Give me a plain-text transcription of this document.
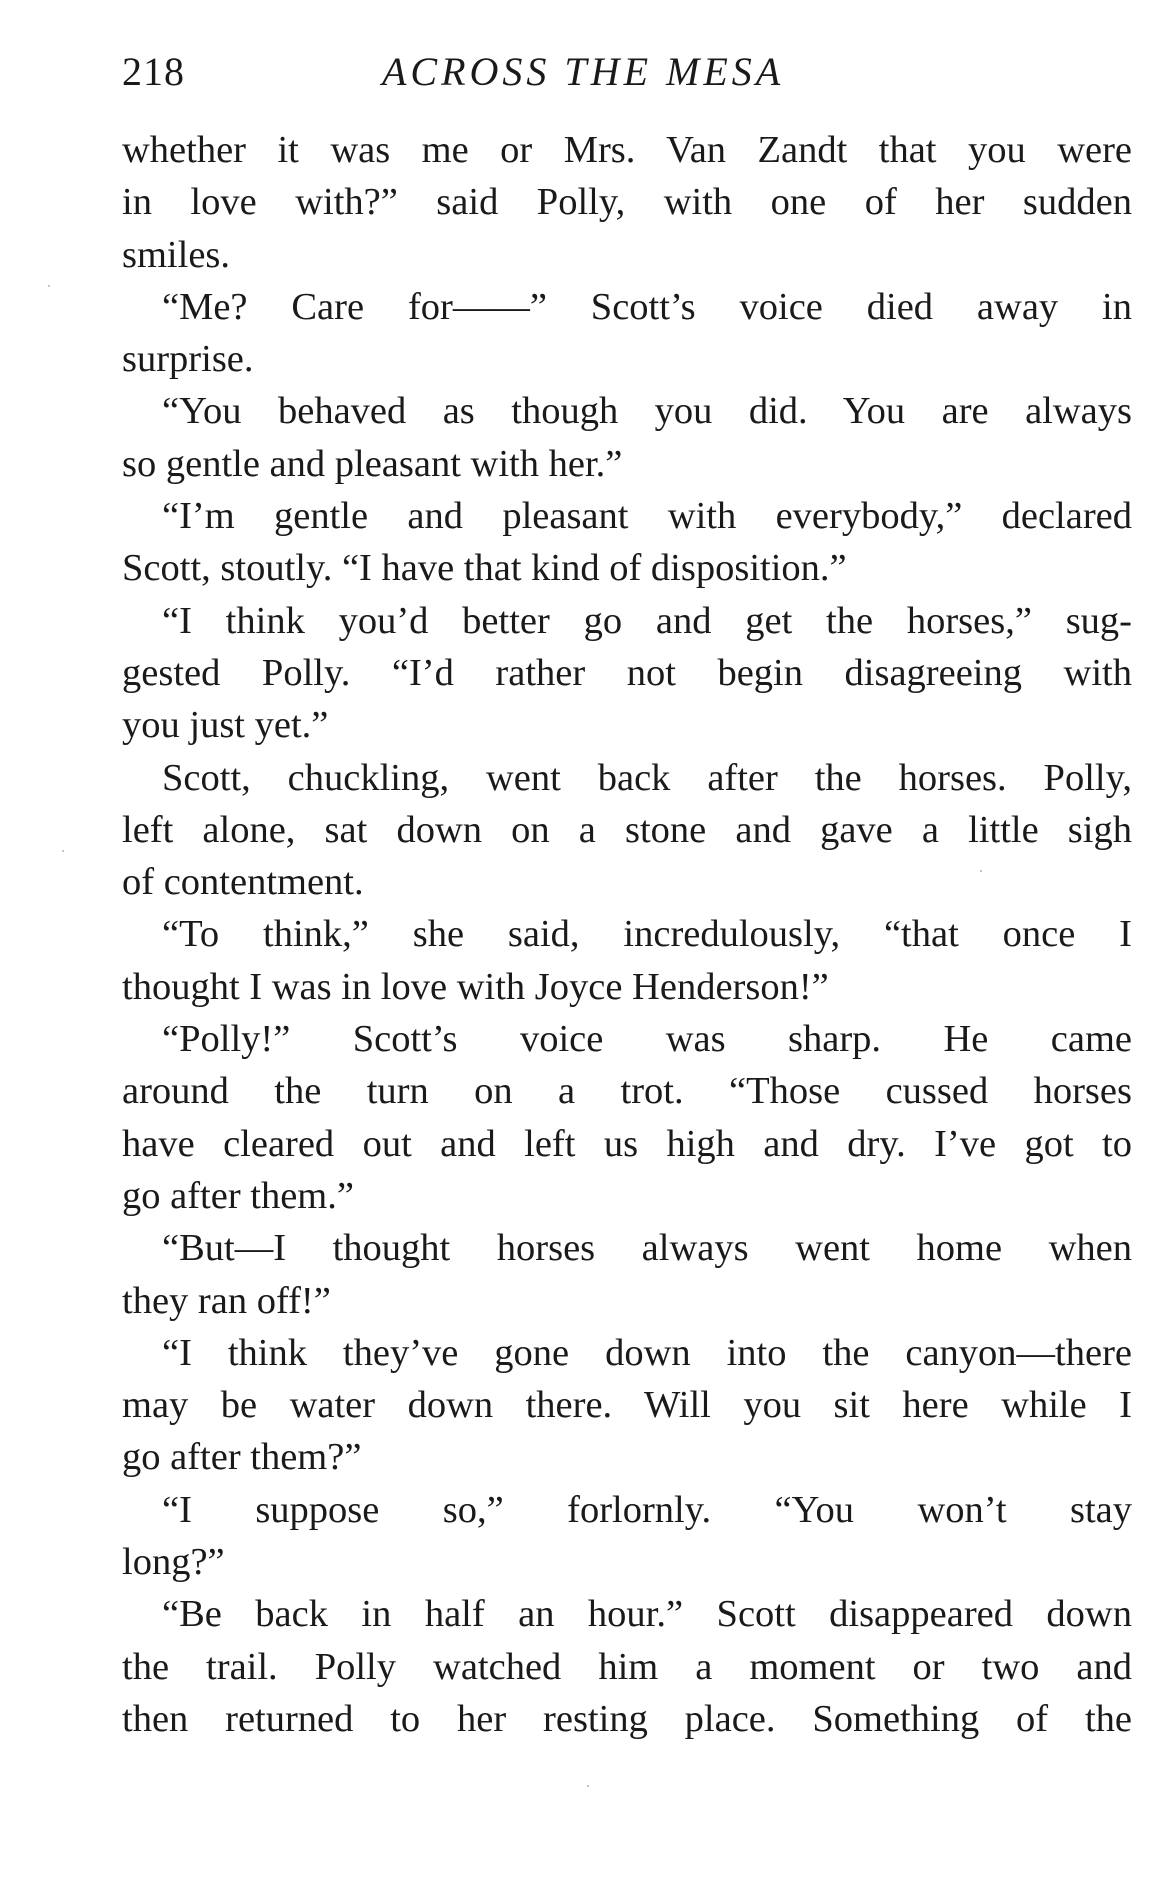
218	ACROSS THE MESA
whether it was me or Mrs. Van Zandt that you were
in love with?” said Polly, with one of her sudden
smiles.
“Me? Care for——” Scott’s voice died away in
surprise.
“You behaved as though you did. You are always
so gentle and pleasant with her.”
“I’m gentle and pleasant with everybody,” declared
Scott, stoutly. “I have that kind of disposition.”
“I think you’d better go and get the horses,” sug-
gested Polly. “I’d rather not begin disagreeing with
you just yet.”
Scott, chuckling, went back after the horses. Polly,
left alone, sat down on a stone and gave a little sigh
of contentment.
“To think,” she said, incredulously, “that once I
thought I was in love with Joyce Henderson!”
“Polly!” Scott’s voice was sharp. He came
around the turn on a trot. “Those cussed horses
have cleared out and left us high and dry. I’ve got to
go after them.”
“But—I thought horses always went home when
they ran off!”
“I think they’ve gone down into the canyon—there
may be water down there. Will you sit here while I
go after them?”
“I suppose so,” forlornly. “You won’t stay
long?”
“Be back in half an hour.” Scott disappeared down
the trail. Polly watched him a moment or two and
then returned to her resting place. Something of the
